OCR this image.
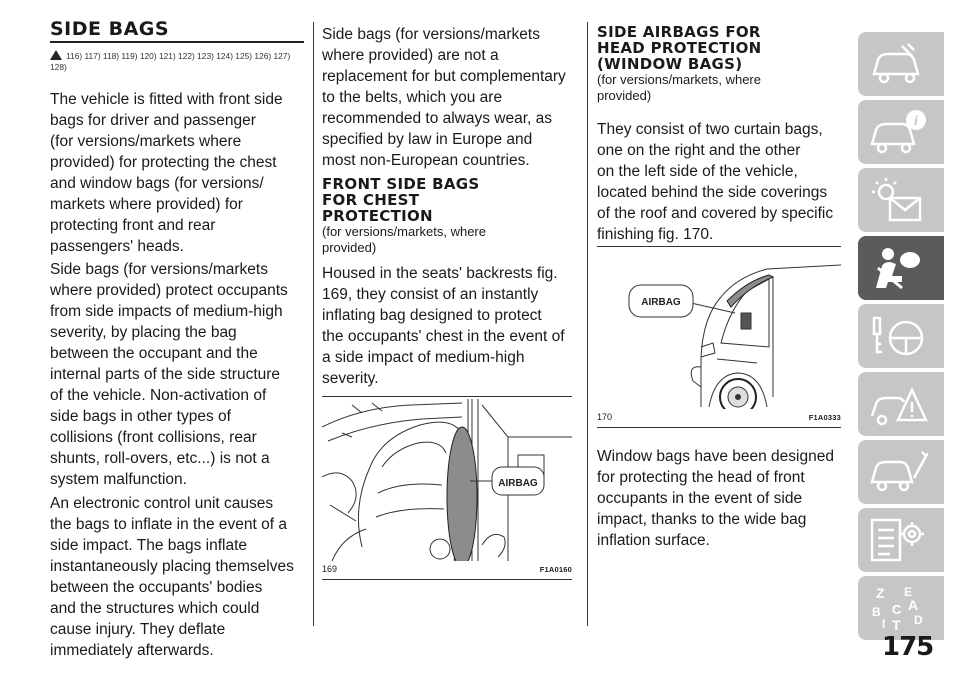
SIDE BAGS
116) 117) 118) 119) 120) 121) 122) 123) 124) 125) 126) 127) 128)

The vehicle is fitted with front side

bags for driver and passenger

(for versions/markets where

provided) for protecting the chest

and window bags (for versions/

markets where provided) for

protecting front and rear

passengers' heads.

Side bags (for versions/markets

where provided) protect occupants

from side impacts of medium-high

severity, by placing the bag

between the occupant and the

internal parts of the side structure

of the vehicle. Non-activation of

side bags in other types of

collisions (front collisions, rear

shunts, roll-overs, etc...) is not a

system malfunction.

An electronic control unit causes

the bags to inflate in the event of a

side impact. The bags inflate

instantaneously placing themselves

between the occupants' bodies

and the structures which could

cause injury. They deflate

immediately afterwards.

Side bags (for versions/markets

where provided) are not a

replacement for but complementary

to the belts, which you are

recommended to always wear, as

specified by law in Europe and

most non-European countries.

FRONT SIDE BAGS
FOR CHEST
PROTECTION
(for versions/markets, where
provided)

Housed in the seats' backrests fig.

169, they consist of an instantly

inflating bag designed to protect

the occupants' chest in the event of

a side impact of medium-high

severity.

AIRBAG
169	F1A0160
SIDE AIRBAGS FOR
HEAD PROTECTION
(WINDOW BAGS)
(for versions/markets, where
provided)

They consist of two curtain bags,

one on the right and the other

on the left side of the vehicle,

located behind the side coverings

of the roof and covered by specific

finishing fig. 170.

AIRBAG
170	F1A0333

Window bags have been designed

for protecting the head of front

occupants in the event of side

impact, thanks to the wide bag

inflation surface.

i
Z E
A
B C
D
T
I
175
